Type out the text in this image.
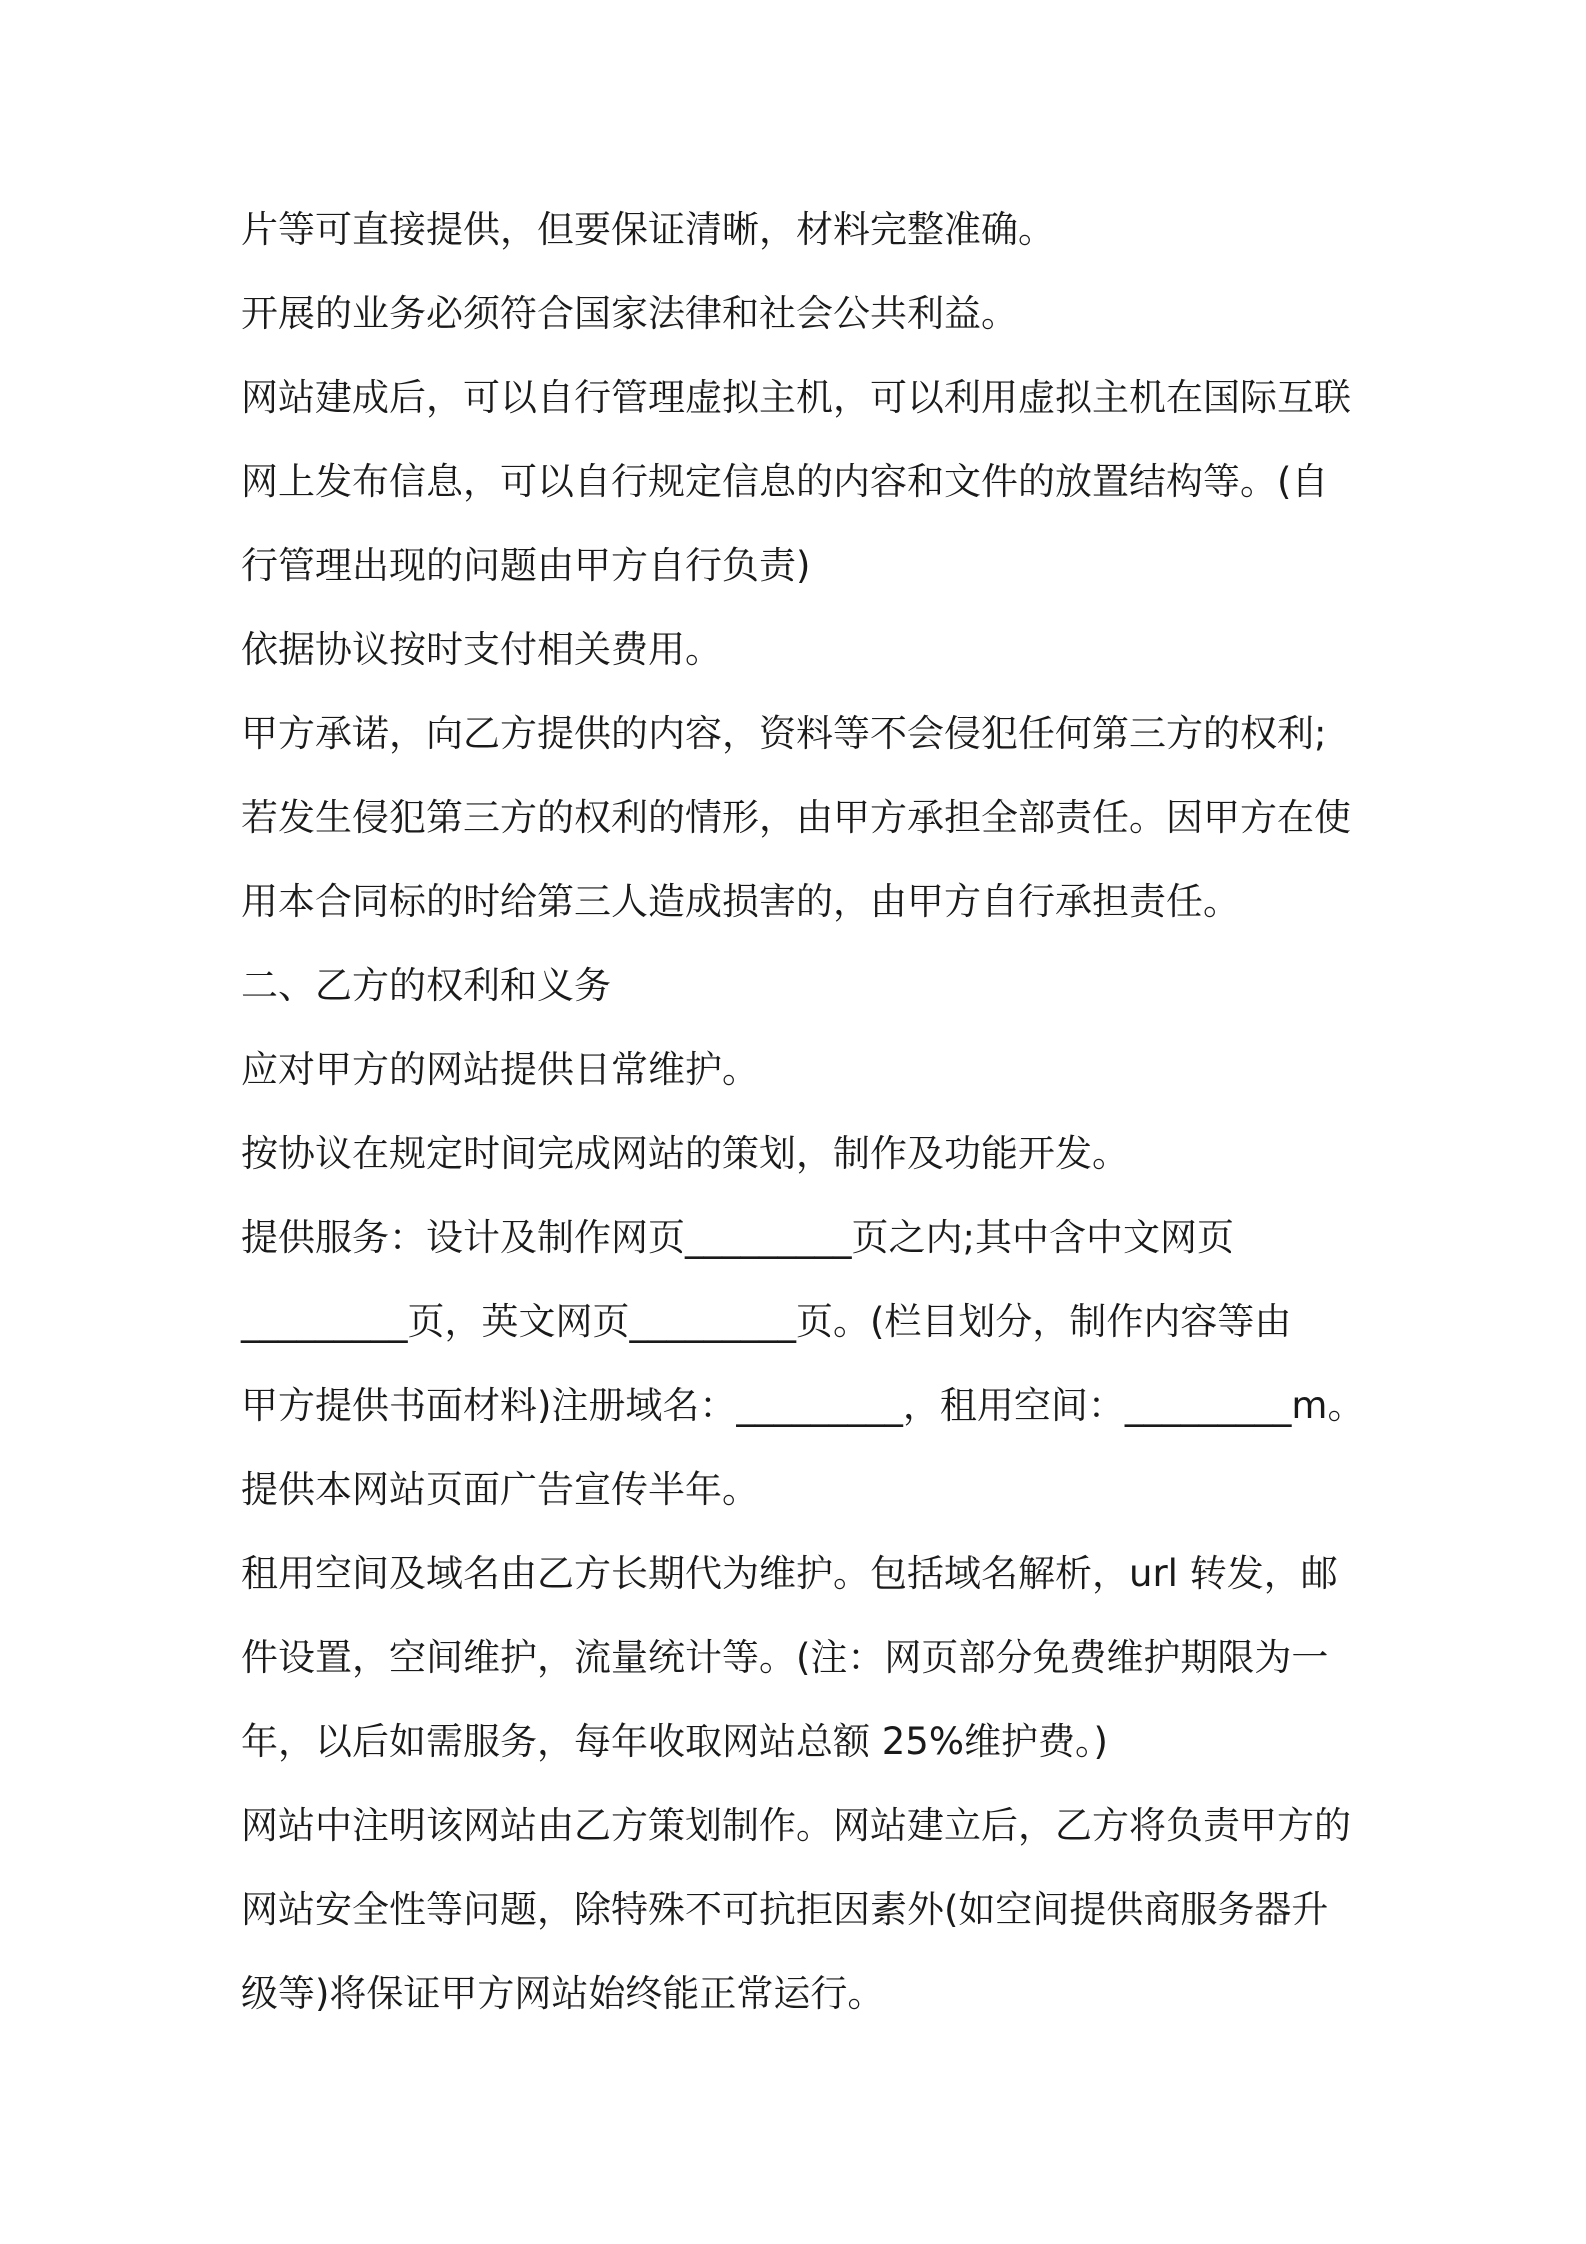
片等可直接提供，但要保证清晰，材料完整准确。
开展的业务必须符合国家法律和社会公共利益。
网站建成后，可以自行管理虚拟主机，可以利用虚拟主机在国际互联
网上发布信息，可以自行规定信息的内容和文件的放置结构等。(自
行管理出现的问题由甲方自行负责)
依据协议按时支付相关费用。
甲方承诺，向乙方提供的内容，资料等不会侵犯任何第三方的权利;
若发生侵犯第三方的权利的情形，由甲方承担全部责任。因甲方在使
用本合同标的时给第三人造成损害的，由甲方自行承担责任。
二、乙方的权利和义务
应对甲方的网站提供日常维护。
按协议在规定时间完成网站的策划，制作及功能开发。
提供服务：设计及制作网页_________页之内;其中含中文网页
_________页，英文网页_________页。(栏目划分，制作内容等由
甲方提供书面材料)注册域名：_________，租用空间：_________m。
提供本网站页面广告宣传半年。
租用空间及域名由乙方长期代为维护。包括域名解析，url 转发，邮
件设置，空间维护，流量统计等。(注：网页部分免费维护期限为一
年，以后如需服务，每年收取网站总额 25%维护费。)
网站中注明该网站由乙方策划制作。网站建立后，乙方将负责甲方的
网站安全性等问题，除特殊不可抗拒因素外(如空间提供商服务器升
级等)将保证甲方网站始终能正常运行。
